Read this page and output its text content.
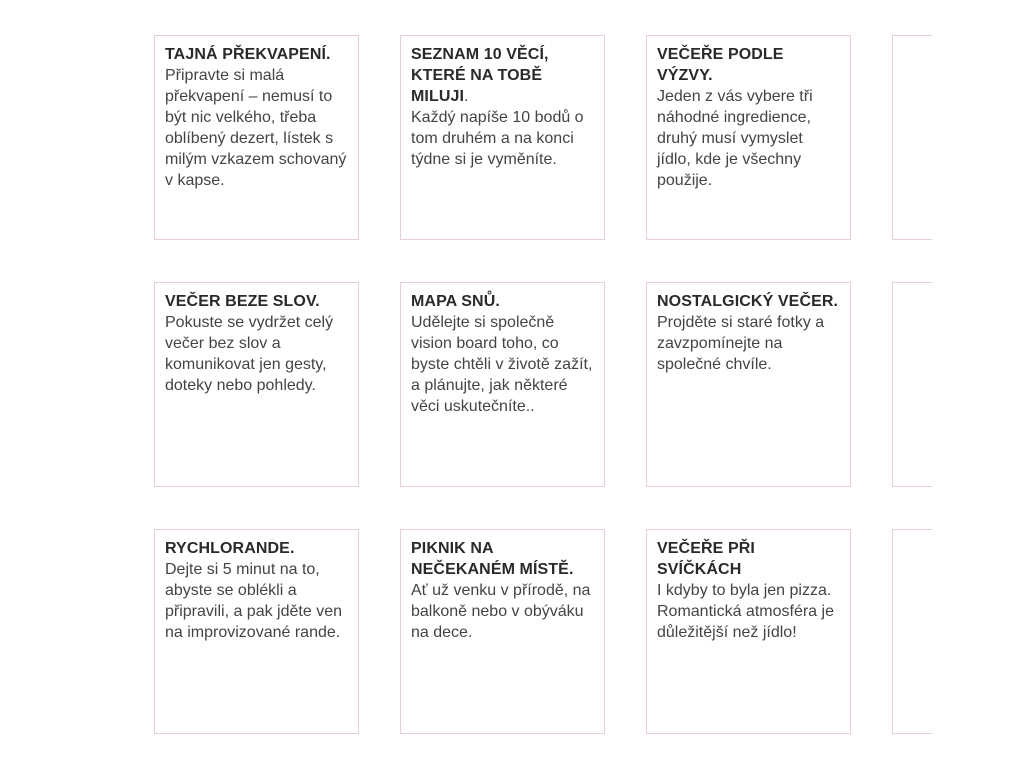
TAJNÁ PŘEKVAPENÍ.
Připravte si malá překvapení – nemusí to být nic velkého, třeba oblíbený dezert, lístek s milým vzkazem schovaný v kapse.
SEZNAM 10 VĚCÍ, KTERÉ NA TOBĚ MILUJI.
Každý napíše 10 bodů o tom druhém a na konci týdne si je vyměníte.
VEČEŘE PODLE VÝZVY.
Jeden z vás vybere tři náhodné ingredience, druhý musí vymyslet jídlo, kde je všechny použije.
VEČER BEZE SLOV.
Pokuste se vydržet celý večer bez slov a komunikovat jen gesty, doteky nebo pohledy.
MAPA SNŮ.
Udělejte si společně vision board toho, co byste chtěli v životě zažít, a plánujte, jak některé věci uskutečníte..
NOSTALGICKÝ VEČER.
Projděte si staré fotky a zavzpomínejte na společné chvíle.
RYCHLORANDE.
Dejte si 5 minut na to, abyste se oblékli a připravili, a pak jděte ven na improvizované rande.
PIKNIK NA NEČEKANÉM MÍSTĚ.
Ať už venku v přírodě, na balkoně nebo v obýváku na dece.
VEČEŘE PŘI SVÍČKÁCH
I kdyby to byla jen pizza. Romantická atmosféra je důležitější než jídlo!
